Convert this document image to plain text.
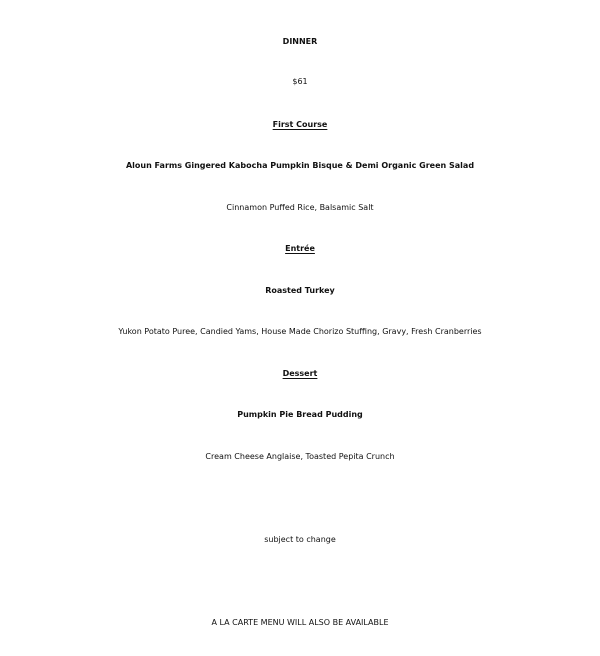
DINNER
$61
First Course
Aloun Farms Gingered Kabocha Pumpkin Bisque & Demi Organic Green Salad
Cinnamon Puffed Rice, Balsamic Salt
Entrée
Roasted Turkey
Yukon Potato Puree, Candied Yams, House Made Chorizo Stuffing, Gravy, Fresh Cranberries
Dessert
Pumpkin Pie Bread Pudding
Cream Cheese Anglaise, Toasted Pepita Crunch
subject to change
A LA CARTE MENU WILL ALSO BE AVAILABLE
